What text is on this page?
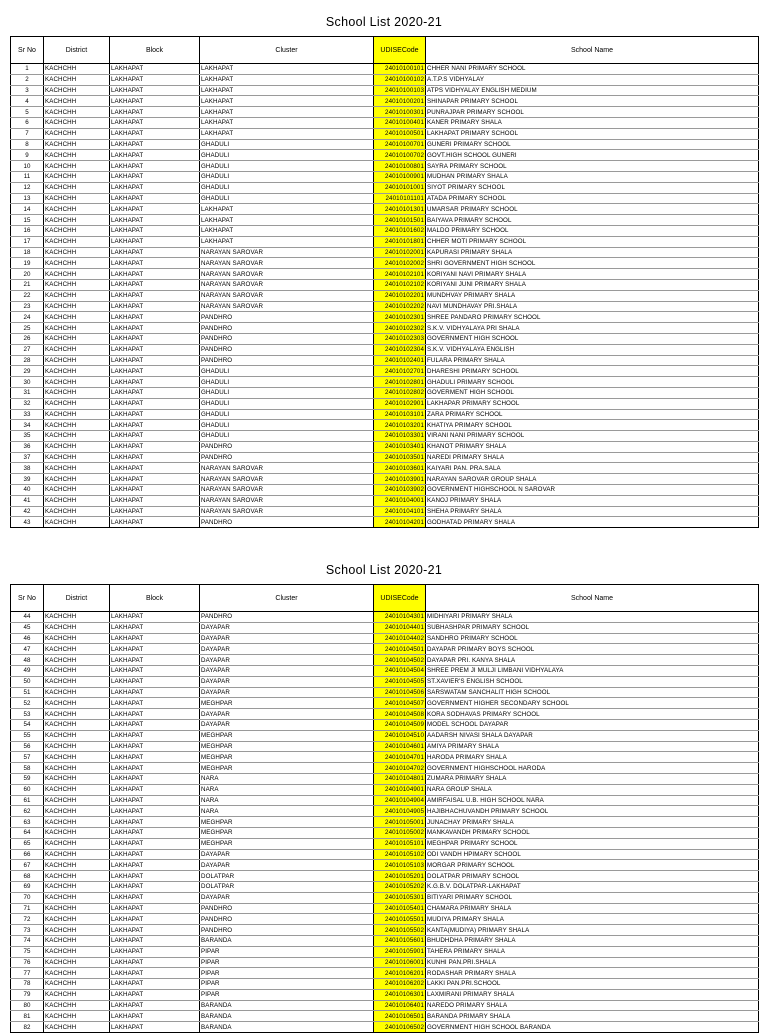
School List 2020-21
Sr No	District	Block	Cluster	UDISECode	School Name
1	KACHCHH	LAKHAPAT	LAKHAPAT	24010100101	CHHER NANI PRIMARY SCHOOL
2	KACHCHH	LAKHAPAT	LAKHAPAT	24010100102	A.T.P.S VIDHYALAY
3	KACHCHH	LAKHAPAT	LAKHAPAT	24010100103	ATPS VIDHYALAY ENGLISH MEDIUM
4	KACHCHH	LAKHAPAT	LAKHAPAT	24010100201	SHINAPAR PRIMARY SCHOOL
5	KACHCHH	LAKHAPAT	LAKHAPAT	24010100301	PUNRAJPAR PRIMARY SCHOOL
6	KACHCHH	LAKHAPAT	LAKHAPAT	24010100401	KANER PRIMARY SHALA
7	KACHCHH	LAKHAPAT	LAKHAPAT	24010100501	LAKHAPAT PRIMARY SCHOOL
8	KACHCHH	LAKHAPAT	GHADULI	24010100701	GUNERI PRIMARY SCHOOL
9	KACHCHH	LAKHAPAT	GHADULI	24010100702	GOVT.HIGH SCHOOL GUNERI
10	KACHCHH	LAKHAPAT	GHADULI	24010100801	SAYRA PRIMARY SCHOOL
11	KACHCHH	LAKHAPAT	GHADULI	24010100901	MUDHAN PRIMARY SHALA
12	KACHCHH	LAKHAPAT	GHADULI	24010101001	SIYOT PRIMARY SCHOOL
13	KACHCHH	LAKHAPAT	GHADULI	24010101101	ATADA PRIMARY SCHOOL
14	KACHCHH	LAKHAPAT	LAKHAPAT	24010101301	UMARSAR PRIMARY SCHOOL
15	KACHCHH	LAKHAPAT	LAKHAPAT	24010101501	BAIYAVA PRIMARY SCHOOL
16	KACHCHH	LAKHAPAT	LAKHAPAT	24010101602	MALDO PRIMARY SCHOOL
17	KACHCHH	LAKHAPAT	LAKHAPAT	24010101801	CHHER MOTI PRIMARY SCHOOL
18	KACHCHH	LAKHAPAT	NARAYAN SAROVAR	24010102001	KAPURASI PRIMARY SHALA
19	KACHCHH	LAKHAPAT	NARAYAN SAROVAR	24010102002	SHRI GOVERNMENT HIGH SCHOOL
20	KACHCHH	LAKHAPAT	NARAYAN SAROVAR	24010102101	KORIYANI NAVI PRIMARY SHALA
21	KACHCHH	LAKHAPAT	NARAYAN SAROVAR	24010102102	KORIYANI JUNI PRIMARY SHALA
22	KACHCHH	LAKHAPAT	NARAYAN SAROVAR	24010102201	MUNDHVAY PRIMARY SHALA
23	KACHCHH	LAKHAPAT	NARAYAN SAROVAR	24010102202	NAVI MUNDHAVAY PRI.SHALA
24	KACHCHH	LAKHAPAT	PANDHRO	24010102301	SHREE PANDARO PRIMARY SCHOOL
25	KACHCHH	LAKHAPAT	PANDHRO	24010102302	S.K.V. VIDHYALAYA PRI SHALA
26	KACHCHH	LAKHAPAT	PANDHRO	24010102303	GOVERNMENT HIGH SCHOOL
27	KACHCHH	LAKHAPAT	PANDHRO	24010102304	S.K.V. VIDHYALAYA ENGLISH
28	KACHCHH	LAKHAPAT	PANDHRO	24010102401	FULARA PRIMARY SHALA
29	KACHCHH	LAKHAPAT	GHADULI	24010102701	DHARESHI PRIMARY SCHOOL
30	KACHCHH	LAKHAPAT	GHADULI	24010102801	GHADULI PRIMARY SCHOOL
31	KACHCHH	LAKHAPAT	GHADULI	24010102802	GOVERMENT HIGH SCHOOL
32	KACHCHH	LAKHAPAT	GHADULI	24010102901	LAKHAPAR PRIMARY SCHOOL
33	KACHCHH	LAKHAPAT	GHADULI	24010103101	ZARA PRIMARY SCHOOL
34	KACHCHH	LAKHAPAT	GHADULI	24010103201	KHATIYA PRIMARY SCHOOL
35	KACHCHH	LAKHAPAT	GHADULI	24010103301	VIRANI NANI PRIMARY SCHOOL
36	KACHCHH	LAKHAPAT	PANDHRO	24010103401	KHANOT PRIMARY SHALA
37	KACHCHH	LAKHAPAT	PANDHRO	24010103501	NAREDI PRIMARY SHALA
38	KACHCHH	LAKHAPAT	NARAYAN SAROVAR	24010103601	KAIYARI PAN. PRA.SALA
39	KACHCHH	LAKHAPAT	NARAYAN SAROVAR	24010103901	NARAYAN SAROVAR GROUP SHALA
40	KACHCHH	LAKHAPAT	NARAYAN SAROVAR	24010103902	GOVERNMENT HIGHSCHOOL N SAROVAR
41	KACHCHH	LAKHAPAT	NARAYAN SAROVAR	24010104001	KANOJ PRIMARY SHALA
42	KACHCHH	LAKHAPAT	NARAYAN SAROVAR	24010104101	SHEHA PRIMARY SHALA
43	KACHCHH	LAKHAPAT	PANDHRO	24010104201	GODHATAD PRIMARY SHALA
School List 2020-21
Sr No	District	Block	Cluster	UDISECode	School Name
44	KACHCHH	LAKHAPAT	PANDHRO	24010104301	MIDHIYARI PRIMARY SHALA
45	KACHCHH	LAKHAPAT	DAYAPAR	24010104401	SUBHASHPAR PRIMARY SCHOOL
46	KACHCHH	LAKHAPAT	DAYAPAR	24010104402	SANDHRO PRIMARY SCHOOL
47	KACHCHH	LAKHAPAT	DAYAPAR	24010104501	DAYAPAR PRIMARY BOYS SCHOOL
48	KACHCHH	LAKHAPAT	DAYAPAR	24010104502	DAYAPAR PRI. KANYA SHALA
49	KACHCHH	LAKHAPAT	DAYAPAR	24010104504	SHREE PREM JI MULJI LIMBANI VIDHYALAYA
50	KACHCHH	LAKHAPAT	DAYAPAR	24010104505	ST.XAVIER'S ENGLISH SCHOOL
51	KACHCHH	LAKHAPAT	DAYAPAR	24010104506	SARSWATAM SANCHALIT HIGH SCHOOL
52	KACHCHH	LAKHAPAT	MEGHPAR	24010104507	GOVERNMENT HIGHER SECONDARY SCHOOL
53	KACHCHH	LAKHAPAT	DAYAPAR	24010104508	KORA SODHAVAS PRIMARY SCHOOL
54	KACHCHH	LAKHAPAT	DAYAPAR	24010104509	MODEL SCHOOL DAYAPAR
55	KACHCHH	LAKHAPAT	MEGHPAR	24010104510	AADARSH NIVASI SHALA DAYAPAR
56	KACHCHH	LAKHAPAT	MEGHPAR	24010104601	AMIYA PRIMARY SHALA
57	KACHCHH	LAKHAPAT	MEGHPAR	24010104701	HARODA PRIMARY SHALA
58	KACHCHH	LAKHAPAT	MEGHPAR	24010104702	GOVERNMENT HIGHSCHOOL HARODA
59	KACHCHH	LAKHAPAT	NARA	24010104801	ZUMARA PRIMARY SHALA
60	KACHCHH	LAKHAPAT	NARA	24010104901	NARA GROUP SHALA
61	KACHCHH	LAKHAPAT	NARA	24010104904	AMIRFAISAL U.B. HIGH SCHOOL NARA
62	KACHCHH	LAKHAPAT	NARA	24010104905	HAJIBHACHUVANDH PRIMARY SCHOOL
63	KACHCHH	LAKHAPAT	MEGHPAR	24010105001	JUNACHAY PRIMARY SHALA
64	KACHCHH	LAKHAPAT	MEGHPAR	24010105002	MANKAVANDH PRIMARY SCHOOL
65	KACHCHH	LAKHAPAT	MEGHPAR	24010105101	MEGHPAR PRIMARY SCHOOL
66	KACHCHH	LAKHAPAT	DAYAPAR	24010105102	ODI VANDH HPIMARY SCHOOL
67	KACHCHH	LAKHAPAT	DAYAPAR	24010105103	MORGAR PRIMARY SCHOOL
68	KACHCHH	LAKHAPAT	DOLATPAR	24010105201	DOLATPAR PRIMARY SCHOOL
69	KACHCHH	LAKHAPAT	DOLATPAR	24010105202	K.G.B.V. DOLATPAR-LAKHAPAT
70	KACHCHH	LAKHAPAT	DAYAPAR	24010105301	BITIYARI PRIMARY SCHOOL
71	KACHCHH	LAKHAPAT	PANDHRO	24010105401	CHAMARA PRIMARY SHALA
72	KACHCHH	LAKHAPAT	PANDHRO	24010105501	MUDIYA PRIMARY SHALA
73	KACHCHH	LAKHAPAT	PANDHRO	24010105502	KANTA(MUDIYA) PRIMARY SHALA
74	KACHCHH	LAKHAPAT	BARANDA	24010105601	BHUDHDHA PRIMARY SHALA
75	KACHCHH	LAKHAPAT	PIPAR	24010105901	TAHERA PRIMARY SHALA
76	KACHCHH	LAKHAPAT	PIPAR	24010106001	KUNHI PAN.PRI.SHALA
77	KACHCHH	LAKHAPAT	PIPAR	24010106201	RODASHAR PRIMARY SHALA
78	KACHCHH	LAKHAPAT	PIPAR	24010106202	LAKKI PAN.PRI.SCHOOL
79	KACHCHH	LAKHAPAT	PIPAR	24010106301	LAXMIRANI PRIMARY SHALA
80	KACHCHH	LAKHAPAT	BARANDA	24010106401	NAREDO PRIMARY SHALA
81	KACHCHH	LAKHAPAT	BARANDA	24010106501	BARANDA PRIMARY SHALA
82	KACHCHH	LAKHAPAT	BARANDA	24010106502	GOVERNMENT HIGH SCHOOL BARANDA
